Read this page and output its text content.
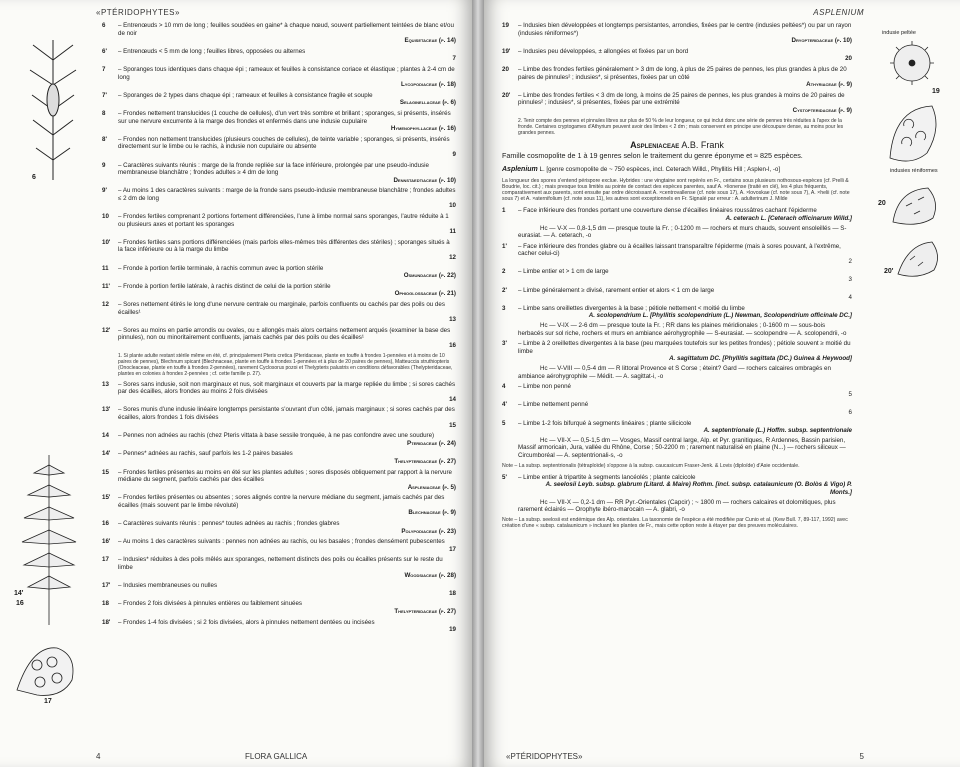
«PTÉRIDOPHYTES»
6
14'
16
17
6	– Entrenœuds > 10 mm de long ; feuilles soudées en gaine* à chaque nœud, souvent partiellement teintées de blanc et/ou de noir
Equisetaceae (p. 14)
6'	– Entrenœuds < 5 mm de long ; feuilles libres, opposées ou alternes
7
7	– Sporanges tous identiques dans chaque épi ; rameaux et feuilles à consistance coriace et élastique ; plantes à 2-4 cm de long
Lycopodiaceae (p. 18)
7'	– Sporanges de 2 types dans chaque épi ; rameaux et feuilles à consistance fragile et souple
Selaginellaceae (p. 6)
8	– Frondes nettement translucides (1 couche de cellules), d'un vert très sombre et brillant ; sporanges, si présents, insérés sur une nervure excurrente à la marge des frondes et enfermés dans une indusie cupulaire
Hymenophyllaceae (p. 16)
8'	– Frondes non nettement translucides (plusieurs couches de cellules), de teinte variable ; sporanges, si présents, insérés directement sur le limbe ou le rachis, à indusie non cupulaire ou absente
9
9	– Caractères suivants réunis : marge de la fronde repliée sur la face inférieure, prolongée par une pseudo-indusie membraneuse blanchâtre ; frondes adultes ≥ 4 dm de long
Dennstaedtiaceae (p. 10)
9'	– Au moins 1 des caractères suivants : marge de la fronde sans pseudo-indusie membraneuse blanchâtre ; frondes adultes ≤ 2 dm de long
10
10	– Frondes fertiles comprenant 2 portions fortement différenciées, l'une à limbe normal sans sporanges, l'autre réduite à 1 ou plusieurs axes et portant les sporanges
11
10'	– Frondes fertiles sans portions différenciées (mais parfois elles-mêmes très différentes des stériles) ; sporanges situés à la face inférieure ou à la marge du limbe
12
11	– Fronde à portion fertile terminale, à rachis commun avec la portion stérile
Osmundaceae (p. 22)
11'	– Fronde à portion fertile latérale, à rachis distinct de celui de la portion stérile
Ophioglossaceae (p. 21)
12	– Sores nettement étirés le long d'une nervure centrale ou marginale, parfois confluents ou cachés par des poils ou des écailles¹
13
12'	– Sores au moins en partie arrondis ou ovales, ou ± allongés mais alors certains nettement arqués (examiner la base des pinnules), non ou minoritairement confluents, jamais cachés par des poils ou des écailles¹
16
1. Si plante adulte restant stérile même en été, cf. principalement Pteris cretica (Pteridaceae, plante en touffe à frondes 1-pennées et à moins de 10 paires de pennes), Blechnum spicant (Blechnaceae, plante en touffe à frondes 1-pennées et à plus de 20 paires de pennes), Matteuccia struthiopteris (Onocleaceae, plante en touffe à frondes 2-pennées), rarement Cyclosorus pozoi et Thelypteris palustris en conditions défavorables (Thelypteridaceae, plantes en colonies à frondes 2-pennées ; cf. cette famille p. 27).
13	– Sores sans indusie, soit non marginaux et nus, soit marginaux et couverts par la marge repliée du limbe ; si sores cachés par des écailles, alors frondes au moins 2 fois divisées
14
13'	– Sores munis d'une indusie linéaire longtemps persistante s'ouvrant d'un côté, jamais marginaux ; si sores cachés par des écailles, alors frondes 1 fois divisées
15
14	– Pennes non adnées au rachis (chez Pteris vittata à base sessile tronquée, à ne pas confondre avec une soudure)
Pteridaceae (p. 24)
14'	– Pennes* adnées au rachis, sauf parfois les 1-2 paires basales
Thelypteridaceae (p. 27)
15	– Frondes fertiles présentes au moins en été sur les plantes adultes ; sores disposés obliquement par rapport à la nervure médiane du segment, parfois cachés par des écailles
Aspleniaceae (p. 5)
15'	– Frondes fertiles présentes ou absentes ; sores alignés contre la nervure médiane du segment, jamais cachés par des écailles (mais souvent par le limbe révoluté)
Blechnaceae (p. 9)
16	– Caractères suivants réunis : pennes* toutes adnées au rachis ; frondes glabres
Polypodiaceae (p. 23)
16'	– Au moins 1 des caractères suivants : pennes non adnées au rachis, ou les basales ; frondes densément pubescentes
17
17	– Indusies* réduites à des poils mêlés aux sporanges, nettement distincts des poils ou écailles présents sur le reste du limbe
Woodsiaceae (p. 28)
17'	– Indusies membraneuses ou nulles
18
18	– Frondes 2 fois divisées à pinnules entières ou faiblement sinuées
Thelypteridaceae (p. 27)
18'	– Frondes 1-4 fois divisées ; si 2 fois divisées, alors à pinnules nettement dentées ou incisées
19
4	FLORA GALLICA
ASPLENIUM
indusie peltée
19
indusies réniformes
20
20'
19	– Indusies bien développées et longtemps persistantes, arrondies, fixées par le centre (indusies peltées*) ou par un rayon (indusies réniformes*)
Dryopteridaceae (p. 10)
19'	– Indusies peu développées, ± allongées et fixées par un bord
20
20	– Limbe des frondes fertiles généralement > 3 dm de long, à plus de 25 paires de pennes, les plus grandes à plus de 20 paires de pinnules² ; indusies*, si présentes, fixées par un côté
Athyriaceae (p. 9)
20'	– Limbe des frondes fertiles < 3 dm de long, à moins de 25 paires de pennes, les plus grandes à moins de 20 paires de pinnules² ; indusies*, si présentes, fixées par une extrémité
Cystopteridaceae (p. 9)
2. Tenir compte des pennes et pinnules libres sur plus de 50 % de leur longueur, ce qui inclut donc une série de pennes très réduites à l'apex de la fronde. Certaines cryptogames d'Athyrium peuvent avoir des limbes < 2 dm ; mais conservent en principe une découpure dense, au moins pour les grandes pennes.
Aspleniaceae A.B. Frank
Famille cosmopolite de 1 à 19 genres selon le traitement du genre éponyme et ≈ 825 espèces.
Asplenium L. [genre cosmopolite de ~ 750 espèces, incl. Ceterach Willd., Phyllitis Hill ; Asplen-l, -o]
La longueur des spores s'entend périspore exclue. Hybrides : une vingtaine sont repérés en Fr., certains sous plusieurs nothosous-espèces (cf. Prelli & Boudrie, loc. cit.) ; mais presque tous limités au pointe de contact des espèces parentes, sauf A. ×lionense (traité en clé), les 4 plus fréquents, comparativement aux parents, sont ensuite par ordre décroissant A. ×centrovallense (cf. note sous 17), A. ×lovoskae (cf. note sous 7), A. ×helii (cf. note sous 7) et A. ×aternifolium (cf. note sous 11), les autres sont exceptionnels en Fr. Signalé par erreur : A. adulterinum J. Milde
1	– Face inférieure des frondes portant une couverture dense d'écailles linéaires roussâtres cachant l'épiderme
A. ceterach L. [Ceterach officinarum Willd.]
Hc — V-X — 0,8-1,5 dm — presque toute la Fr. ; 0-1200 m — rochers et murs chauds, souvent ensoleillés — S-eurasiat. — A. ceterach, -o
1'	– Face inférieure des frondes glabre ou à écailles laissant transparaître l'épiderme (mais à sores pouvant, à l'extrême, cacher celui-ci)
2
2	– Limbe entier et > 1 cm de large
3
2'	– Limbe généralement ≥ divisé, rarement entier et alors < 1 cm de large
4
3	– Limbe sans oreillettes divergentes à la base ; pétiole nettement < moitié du limbe
A. scolopendrium L. [Phyllitis scolopendrium (L.) Newman, Scolopendrium officinale DC.]
Hc — V-IX — 2-6 dm — presque toute la Fr. ; RR dans les plaines méridionales ; 0-1600 m — sous-bois herbacés sur sol riche, rochers et murs en ambiance aérohygrophile — S-eurasiat. — scolopendre — A. scolopendrii, -o
3'	– Limbe à 2 oreillettes divergentes à la base (peu marquées toutefois sur les petites frondes) ; pétiole souvent ≥ moitié du limbe
A. sagittatum DC. [Phyllitis sagittata (DC.) Guinea & Heywood]
Hc — V-VIII — 0,5-4 dm — R littoral Provence et S Corse ; éteint? Gard — rochers calcaires ombragés en ambiance aérohygrophile — Médit. — A. sagittat-i, -o
4	– Limbe non penné
5
4'	– Limbe nettement penné
6
5	– Limbe 1-2 fois bifurqué à segments linéaires ; plante silicicole
A. septentrionale (L.) Hoffm. subsp. septentrionale
Hc — VII-X — 0,5-1,5 dm — Vosges, Massif central large, Alp. et Pyr. granitiques, R Ardennes, Bassin parisien, Massif armoricain, Jura, vallée du Rhône, Corse ; 50-2200 m ; rarement naturalisé en plaine (N...) — rochers siliceux — Circumboréal — A. septentrionali-s, -o
Note – La subsp. septentrionalis (tétraploïde) s'oppose à la subsp. caucasicum Fraser-Jenk. & Lovis (diploïde) d'Asie occidentale.
5'	– Limbe entier à tripartite à segments lancéolés ; plante calcicole
A. seelosii Leyb. subsp. glabrum (Litard. & Maire) Rothm. [incl. subsp. catalaunicum (O. Bolòs & Vigo) P. Monts.]
Hc — VII-X — 0,2-1 dm — RR Pyr.-Orientales (Capcir) ; ~ 1800 m — rochers calcaires et dolomitiques, plus rarement éclairés — Orophyte ibéro-marocain — A. glabri, -o
Note – La subsp. seelosii est endémique des Alp. orientales. La taxonomie de l'espèce a été modifiée par Cunio et al. (Kew Bull. 7, 89-117, 1992) avec création d'une « subsp. catalaunicum » incluant les plantes de Fr., mais cette option reste à étayer par des preuves moléculaires.
«PTÉRIDOPHYTES»	5
